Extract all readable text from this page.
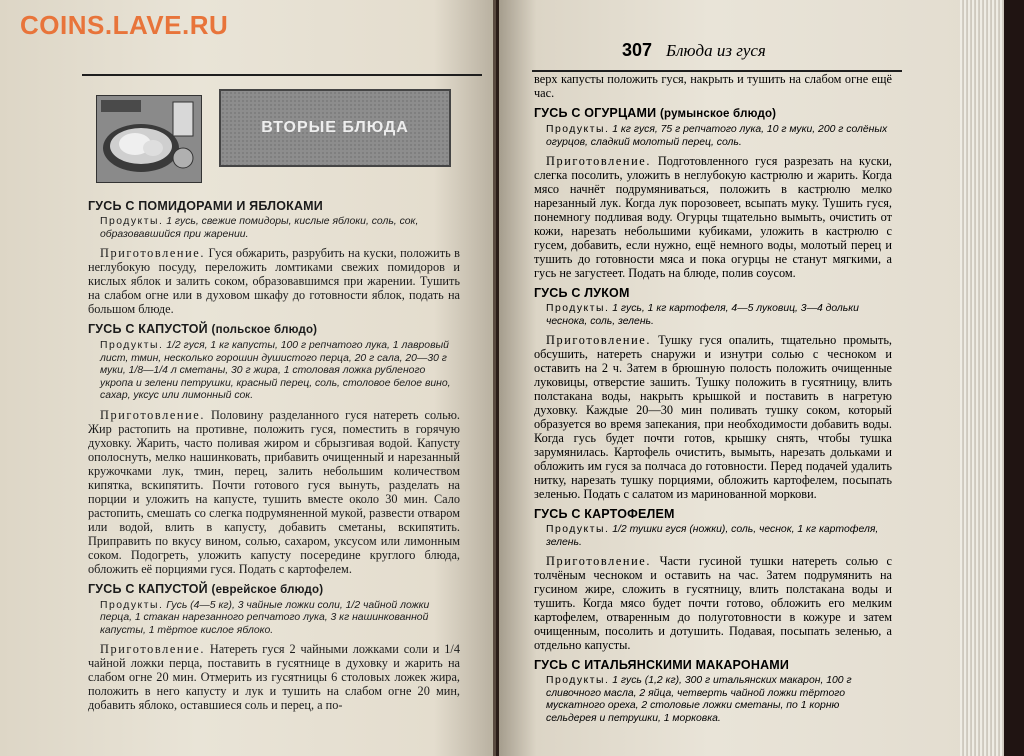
COINS.LAVE.RU
ВТОРЫЕ БЛЮДА
ГУСЬ С ПОМИДОРАМИ И ЯБЛОКАМИ

Продукты. 1 гусь, свежие помидоры, кислые яблоки, соль, сок, образовавшийся при жарении.

Приготовление. Гуся обжарить, разрубить на куски, положить в неглубокую посуду, переложить ломтиками свежих помидоров и кислых яблок и залить соком, образовавшимся при жарении. Тушить на слабом огне или в духовом шкафу до готовности яблок, подать на большом блюде.

ГУСЬ С КАПУСТОЙ (польское блюдо)

Продукты. 1/2 гуся, 1 кг капусты, 100 г репчатого лука, 1 лавровый лист, тмин, несколько горошин душистого перца, 20 г сала, 20—30 г муки, 1/8—1/4 л сметаны, 30 г жира, 1 столовая ложка рубленого укропа и зелени петрушки, красный перец, соль, столовое белое вино, сахар, уксус или лимонный сок.

Приготовление. Половину разделанного гуся натереть солью. Жир растопить на противне, положить гуся, поместить в горячую духовку. Жарить, часто поливая жиром и сбрызгивая водой. Капусту ополоснуть, мелко нашинковать, прибавить очищенный и нарезанный кружочками лук, тмин, перец, залить небольшим количеством кипятка, вскипятить. Почти готового гуся вынуть, разделать на порции и уложить на капусте, тушить вместе около 30 мин. Сало растопить, смешать со слегка подрумяненной мукой, развести отваром или водой, влить в капусту, добавить сметаны, вскипятить. Приправить по вкусу вином, солью, сахаром, уксусом или лимонным соком. Подогреть, уложить капусту посередине круглого блюда, обложить её порциями гуся. Подать с картофелем.

ГУСЬ С КАПУСТОЙ (еврейское блюдо)

Продукты. Гусь (4—5 кг), 3 чайные ложки соли, 1/2 чайной ложки перца, 1 стакан нарезанного репчатого лука, 3 кг нашинкованной капусты, 1 тёртое кислое яблоко.

Приготовление. Натереть гуся 2 чайными ложками соли и 1/4 чайной ложки перца, поставить в гусятнице в духовку и жарить на слабом огне 20 мин. Отмерить из гусятницы 6 столовых ложек жира, положить в него капусту и лук и тушить на слабом огне 20 мин, добавить яблоко, оставшиеся соль и перец, а по-

307 Блюда из гуся

верх капусты положить гуся, накрыть и тушить на слабом огне ещё час.

ГУСЬ С ОГУРЦАМИ (румынское блюдо)

Продукты. 1 кг гуся, 75 г репчатого лука, 10 г муки, 200 г солёных огурцов, сладкий молотый перец, соль.

Приготовление. Подготовленного гуся разрезать на куски, слегка посолить, уложить в неглубокую кастрюлю и жарить. Когда мясо начнёт подрумяниваться, положить в кастрюлю мелко нарезанный лук. Когда лук порозовеет, всыпать муку. Тушить гуся, понемногу подливая воду. Огурцы тщательно вымыть, очистить от кожи, нарезать небольшими кубиками, уложить в кастрюлю с гусем, добавить, если нужно, ещё немного воды, молотый перец и тушить до готовности мяса и пока огурцы не станут мягкими, а гусь не загустеет. Подать на блюде, полив соусом.

ГУСЬ С ЛУКОМ

Продукты. 1 гусь, 1 кг картофеля, 4—5 луковиц, 3—4 дольки чеснока, соль, зелень.

Приготовление. Тушку гуся опалить, тщательно промыть, обсушить, натереть снаружи и изнутри солью с чесноком и оставить на 2 ч. Затем в брюшную полость положить очищенные луковицы, отверстие зашить. Тушку положить в гусятницу, влить полстакана воды, накрыть крышкой и поставить в нагретую духовку. Каждые 20—30 мин поливать тушку соком, который образуется во время запекания, при необходимости добавить воды. Когда гусь будет почти готов, крышку снять, чтобы тушка зарумянилась. Картофель очистить, вымыть, нарезать дольками и обложить им гуся за полчаса до готовности. Перед подачей удалить нитку, нарезать тушку порциями, обложить картофелем, посыпать зеленью. Подать с салатом из маринованной моркови.

ГУСЬ С КАРТОФЕЛЕМ

Продукты. 1/2 тушки гуся (ножки), соль, чеснок, 1 кг картофеля, зелень.

Приготовление. Части гусиной тушки натереть солью с толчёным чесноком и оставить на час. Затем подрумянить на гусином жире, сложить в гусятницу, влить полстакана воды и тушить. Когда мясо будет почти готово, обложить его мелким картофелем, отваренным до полуготовности в кожуре и затем очищенным, посолить и дотушить. Подавая, посыпать зеленью, а отдельно капусты.

ГУСЬ С ИТАЛЬЯНСКИМИ МАКАРОНАМИ

Продукты. 1 гусь (1,2 кг), 300 г итальянских макарон, 100 г сливочного масла, 2 яйца, четверть чайной ложки тёртого мускатного ореха, 2 столовые ложки сметаны, по 1 корню сельдерея и петрушки, 1 морковка.
